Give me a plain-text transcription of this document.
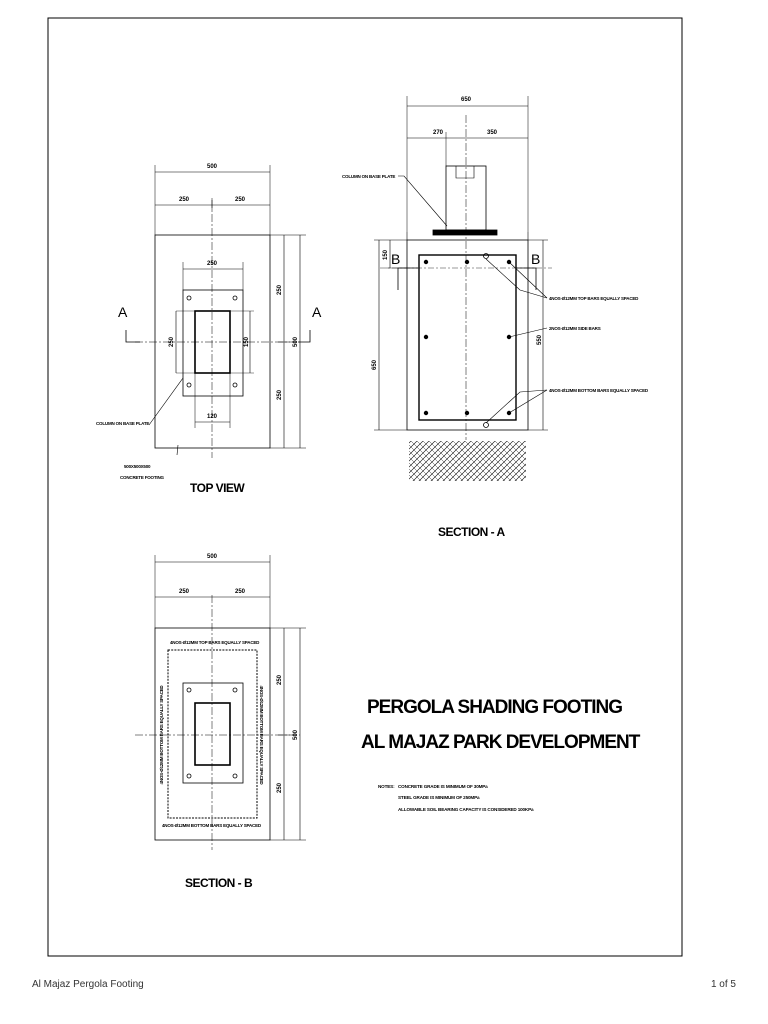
500
250	250
250
120
250
250
500
250	150
A	A
COLUMN ON BASE PLATE
500X500X500
CONCRETE FOOTING
TOP VIEW
650
270	350
150
650
550
B	B
COLUMN ON BASE PLATE
4NOS-Ø12MM TOP BARS EQUALLY SPACED
2NOS-Ø12MM SIDE BARS
4NOS-Ø12MM BOTTOM BARS EQUALLY SPACED
SECTION - A
500
250	250
250
250
500
4NOS-Ø12MM TOP BARS EQUALLY SPACED
4NOS-Ø12MM BOTTOM BARS EQUALLY SPACED
4NOS-Ø12MM BOTTOM BARS EQUALLY SPACED	4NOS-Ø12MM BOTTOM BARS EQUALLY SPACED
SECTION - B
PERGOLA SHADING FOOTING
AL MAJAZ PARK DEVELOPMENT
NOTES: CONCRETE GRADE IS MINIMUM OF 30MPa
STEEL GRADE IS MINIMUM OF 250MPa
ALLOWABLE SOIL BEARING CAPACITY IS CONSIDERED 100KPa
Al Majaz Pergola Footing	1 of 5
